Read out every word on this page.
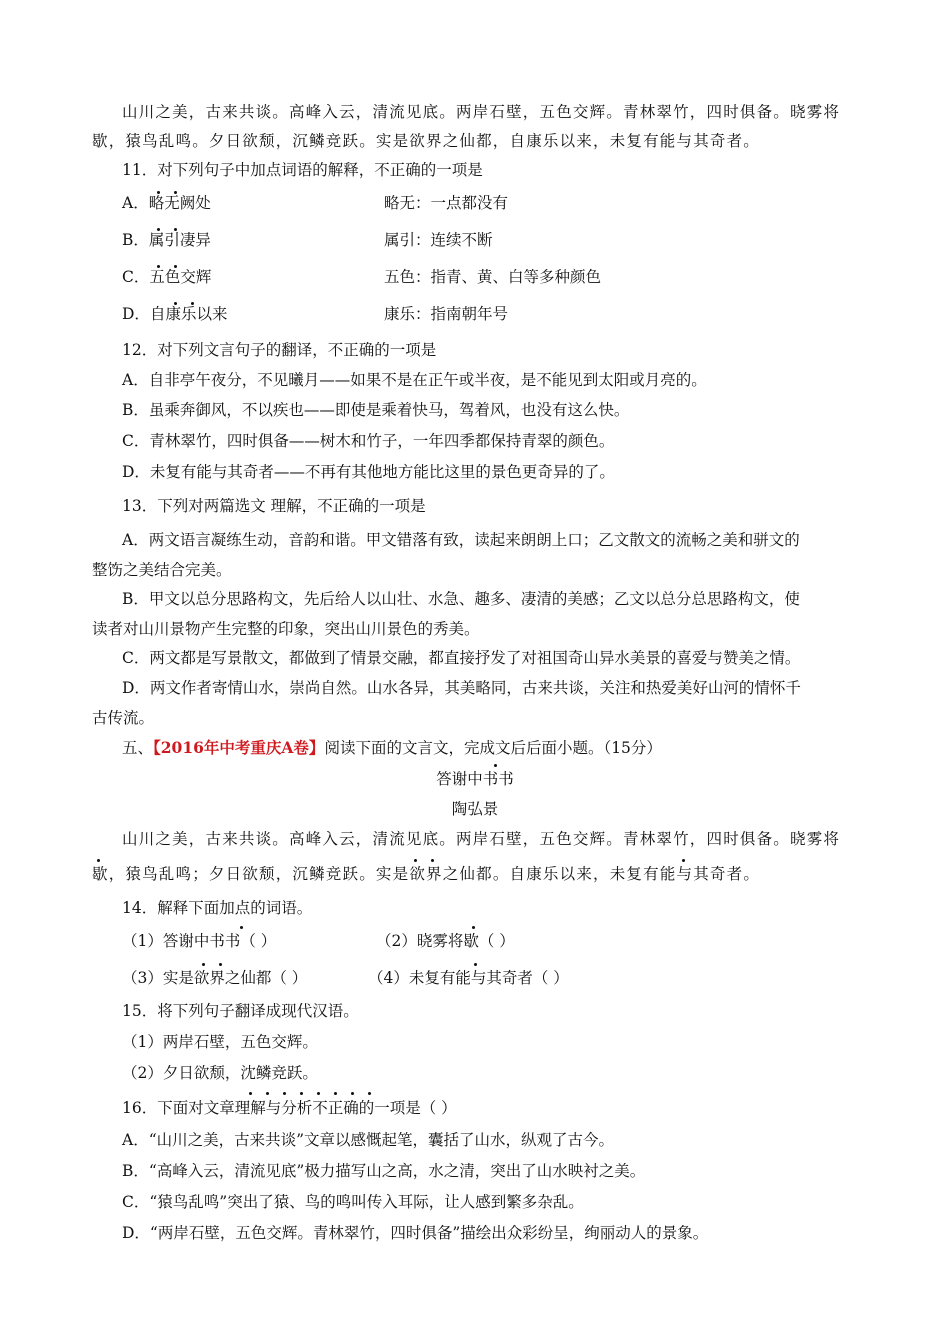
山川之美，古来共谈。高峰入云，清流见底。两岸石壁，五色交辉。青林翠竹，四时俱备。晓雾将
歇，猿鸟乱鸣。夕日欲颓，沉鳞竞跃。实是欲界之仙都，自康乐以来，未复有能与其奇者。
11．对下列句子中加点词语的解释，不正确的一项是
A．略无阙处	略无：一点都没有
B．属引凄异	属引：连续不断
C．五色交辉	五色：指青、黄、白等多种颜色
D．自康乐以来	康乐：指南朝年号
12．对下列文言句子的翻译，不正确的一项是
A．自非亭午夜分，不见曦月——如果不是在正午或半夜，是不能见到太阳或月亮的。
B．虽乘奔御风，不以疾也——即使是乘着快马，驾着风，也没有这么快。
C．青林翠竹，四时俱备——树木和竹子，一年四季都保持青翠的颜色。
D．未复有能与其奇者——不再有其他地方能比这里的景色更奇异的了。
13．下列对两篇选文 理解，不正确的一项是
A．两文语言凝练生动，音韵和谐。甲文错落有致，读起来朗朗上口；乙文散文的流畅之美和骈文的
整饬之美结合完美。
B．甲文以总分思路构文，先后给人以山壮、水急、趣多、凄清的美感；乙文以总分总思路构文，使
读者对山川景物产生完整的印象，突出山川景色的秀美。
C．两文都是写景散文，都做到了情景交融，都直接抒发了对祖国奇山异水美景的喜爱与赞美之情。
D．两文作者寄情山水，崇尚自然。山水各异，其美略同，古来共谈，关注和热爱美好山河的情怀千
古传流。
五、【2016年中考重庆A卷】阅读下面的文言文，完成文后后面小题。（15分）
答谢中书书
陶弘景
山川之美，古来共谈。高峰入云，清流见底。两岸石壁，五色交辉。青林翠竹，四时俱备。晓雾将
歇，猿鸟乱鸣；夕日欲颓，沉鳞竞跃。实是欲界之仙都。自康乐以来，未复有能与其奇者。
14．解释下面加点的词语。
（1）答谢中书书（ ）	（2）晓雾将歇（ ）
（3）实是欲界之仙都（ ）	（4）未复有能与其奇者（ ）
15．将下列句子翻译成现代汉语。
（1）两岸石壁，五色交辉。
（2）夕日欲颓，沈鳞竞跃。
16．下面对文章理解与分析不正确的一项是（ ）
A．“山川之美，古来共谈”文章以感慨起笔，囊括了山水，纵观了古今。
B．“高峰入云，清流见底”极力描写山之高，水之清，突出了山水映衬之美。
C．“猿鸟乱鸣”突出了猿、鸟的鸣叫传入耳际，让人感到繁多杂乱。
D．“两岸石壁，五色交辉。青林翠竹，四时俱备”描绘出众彩纷呈，绚丽动人的景象。
